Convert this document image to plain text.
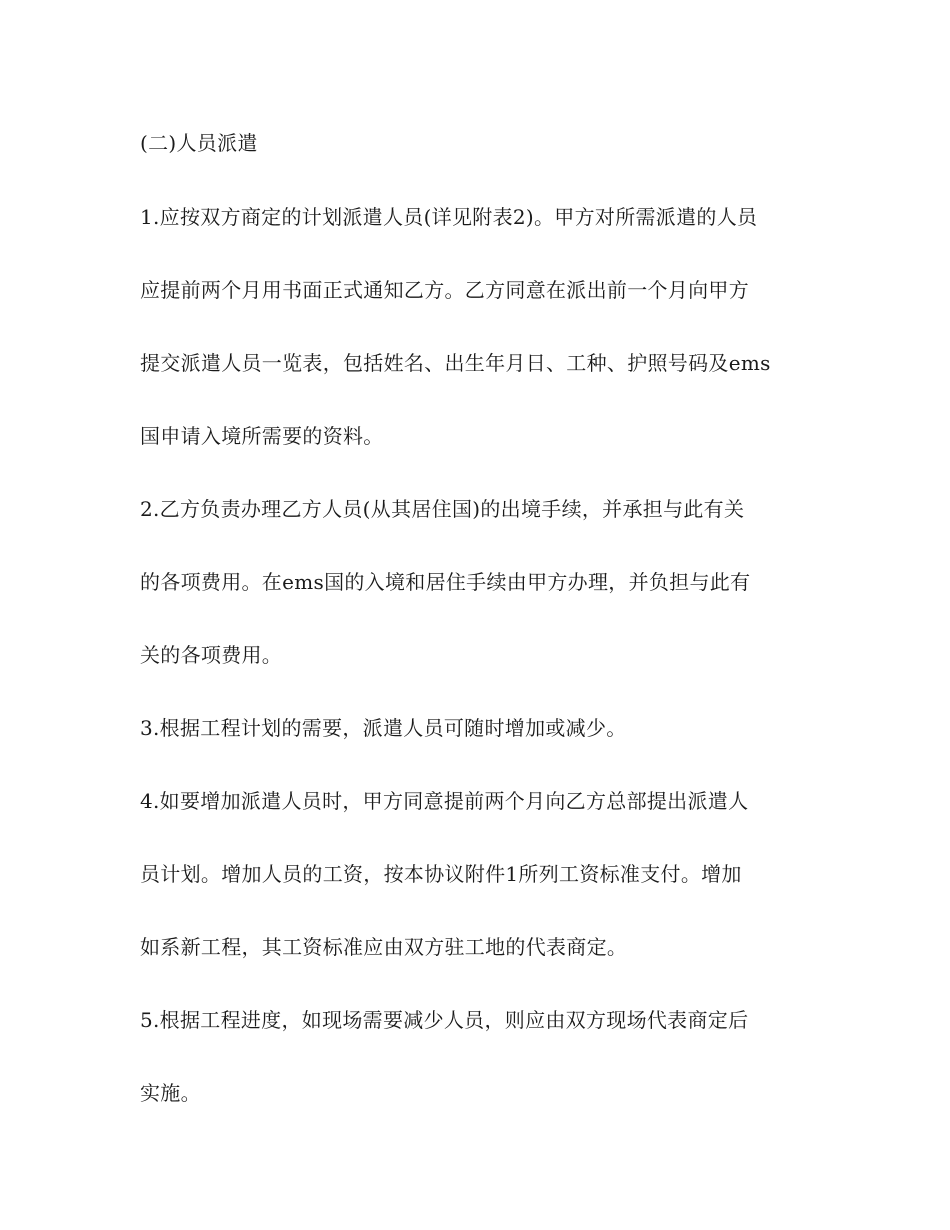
(二)人员派遣
1.应按双方商定的计划派遣人员(详见附表2)。甲方对所需派遣的人员
应提前两个月用书面正式通知乙方。乙方同意在派出前一个月向甲方
提交派遣人员一览表，包括姓名、出生年月日、工种、护照号码及ems
国申请入境所需要的资料。
2.乙方负责办理乙方人员(从其居住国)的出境手续，并承担与此有关
的各项费用。在ems国的入境和居住手续由甲方办理，并负担与此有
关的各项费用。
3.根据工程计划的需要，派遣人员可随时增加或减少。
4.如要增加派遣人员时，甲方同意提前两个月向乙方总部提出派遣人
员计划。增加人员的工资，按本协议附件1所列工资标准支付。增加
如系新工程，其工资标准应由双方驻工地的代表商定。
5.根据工程进度，如现场需要减少人员，则应由双方现场代表商定后
实施。
